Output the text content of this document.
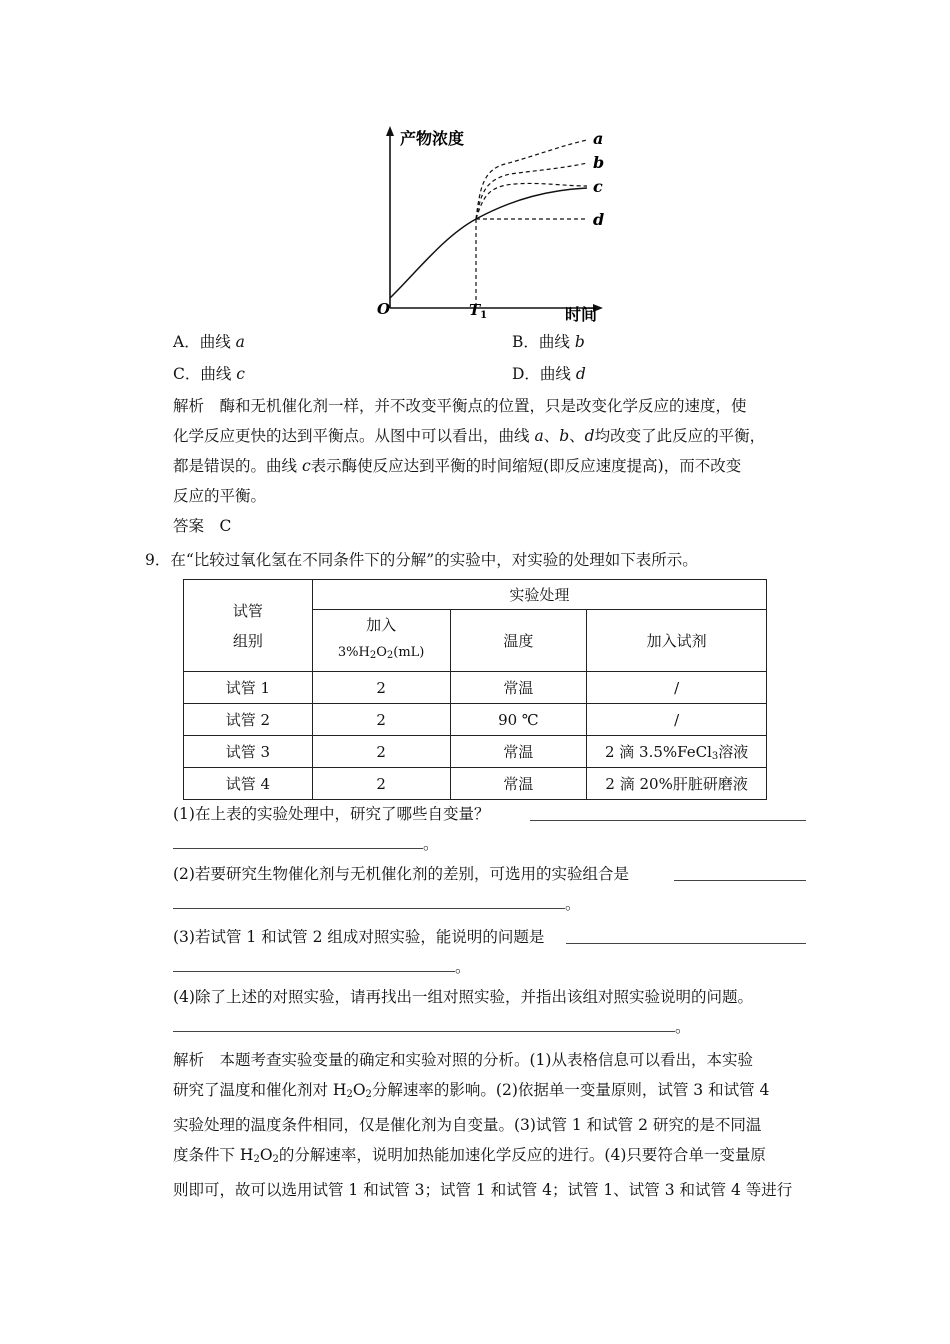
产物浓度
时间
O	$T_1$
a
b
c
d
A．曲线 a	B．曲线 b
C．曲线 c	D．曲线 d
解析　酶和无机催化剂一样，并不改变平衡点的位置，只是改变化学反应的速度，使
化学反应更快的达到平衡点。从图中可以看出，曲线 a、b、d均改变了此反应的平衡，
都是错误的。曲线 c表示酶使反应达到平衡的时间缩短(即反应速度提高)，而不改变
反应的平衡。
答案　C
9．在“比较过氧化氢在不同条件下的分解”的实验中，对实验的处理如下表所示。
试管
组别	实验处理		
	加入
$3\%H_2O_2(mL)$	温度	加入试剂
试管 1	2	常温	/
试管 2	2	90 ℃	/
试管 3	2	常温	2 滴 3.5%FeCl$_3$溶液
试管 4	2	常温	2 滴 20%肝脏研磨液
(1)在上表的实验处理中，研究了哪些自变量？
。
(2)若要研究生物催化剂与无机催化剂的差别，可选用的实验组合是
。
(3)若试管 1 和试管 2 组成对照实验，能说明的问题是
。
(4)除了上述的对照实验，请再找出一组对照实验，并指出该组对照实验说明的问题。
。
解析　本题考查实验变量的确定和实验对照的分析。(1)从表格信息可以看出，本实验
研究了温度和催化剂对 $H_2O_2$分解速率的影响。(2)依据单一变量原则，试管 3 和试管 4
实验处理的温度条件相同，仅是催化剂为自变量。(3)试管 1 和试管 2 研究的是不同温
度条件下 $H_2O_2$的分解速率，说明加热能加速化学反应的进行。(4)只要符合单一变量原
则即可，故可以选用试管 1 和试管 3；试管 1 和试管 4；试管 1、试管 3 和试管 4 等进行
